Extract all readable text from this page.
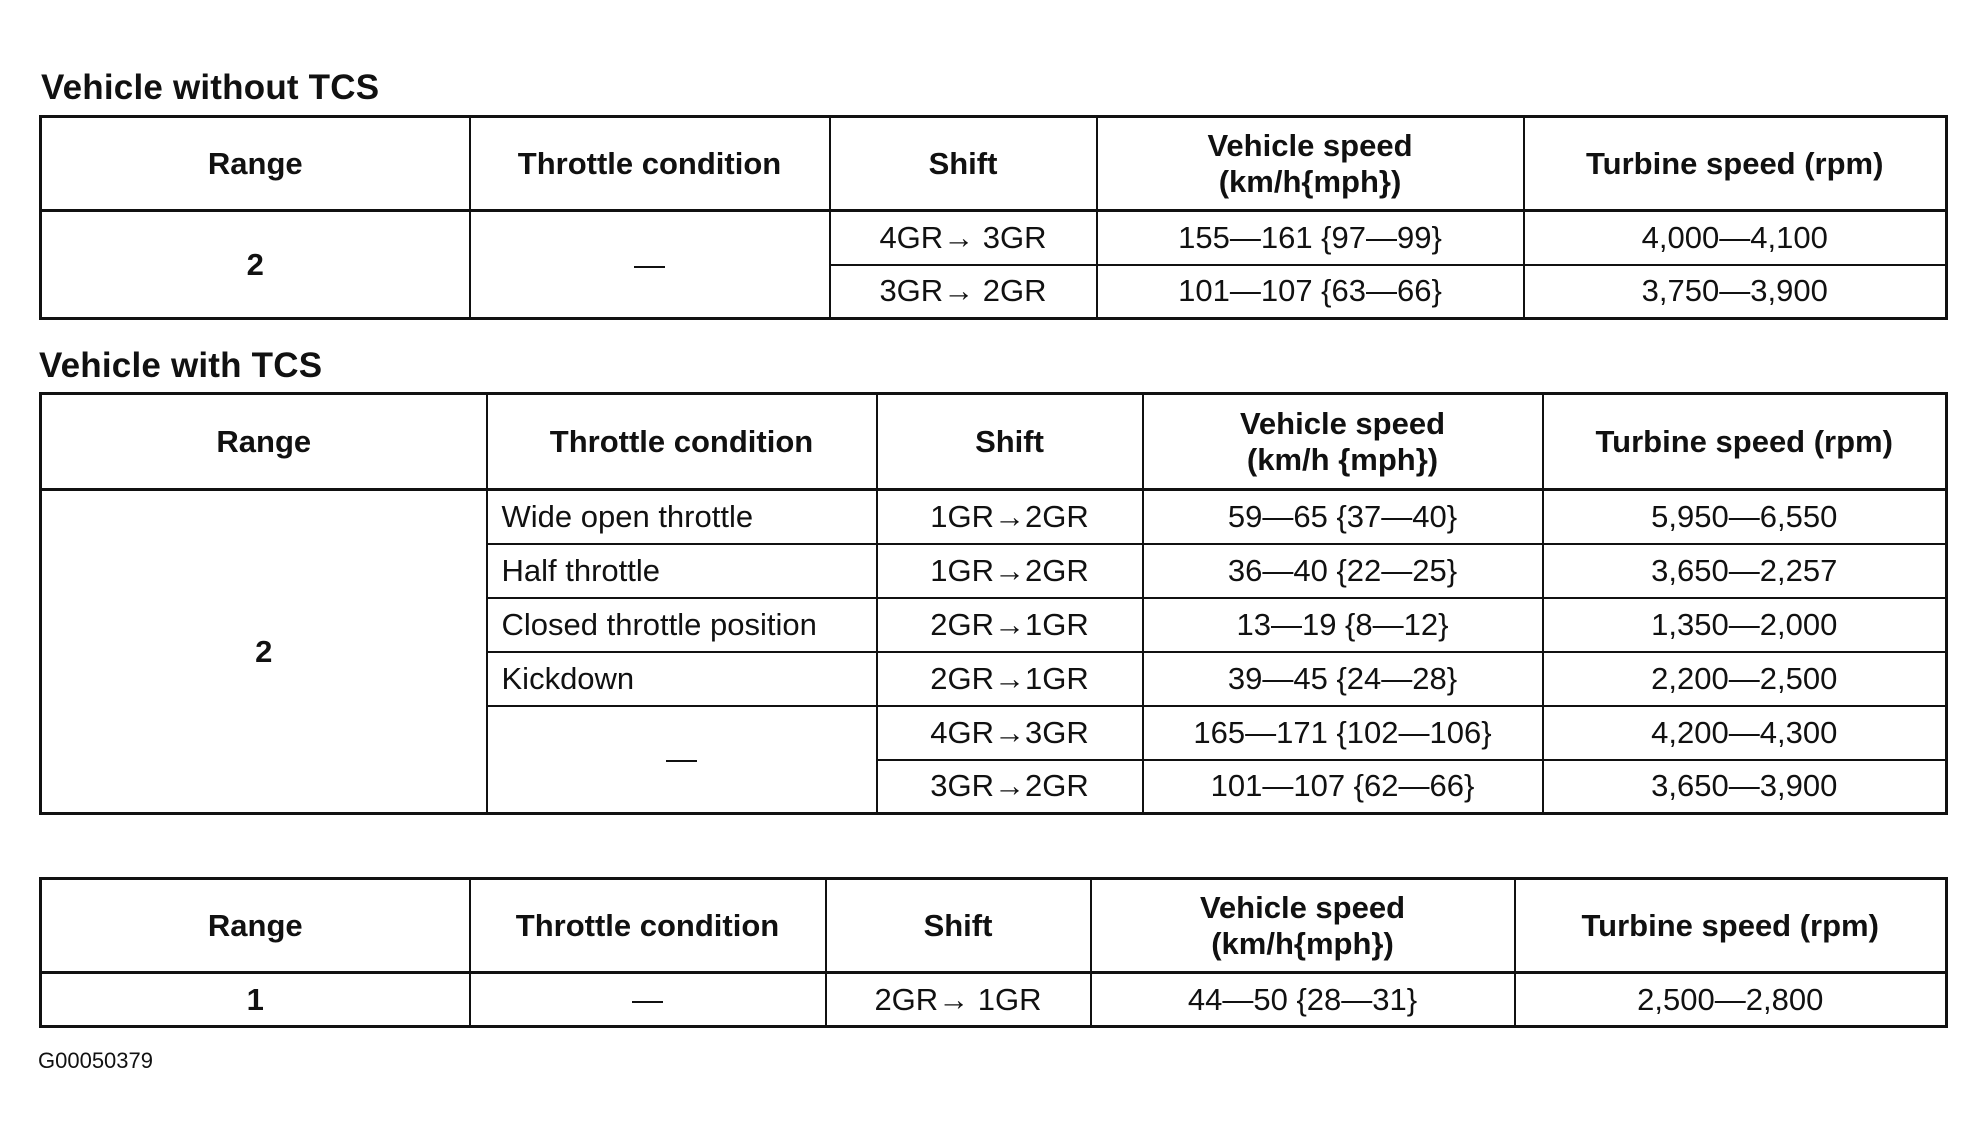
Vehicle without TCS
Range	Throttle condition	Shift	Vehicle speed
(km/h{mph})	Turbine speed (rpm)
2	—	4GR→ 3GR	155—161 {97—99}	4,000—4,100
		3GR→ 2GR	101—107 {63—66}	3,750—3,900
Vehicle with TCS
Range	Throttle condition	Shift	Vehicle speed
(km/h {mph})	Turbine speed (rpm)
2	Wide open throttle	1GR→2GR	59—65 {37—40}	5,950—6,550
	Half throttle	1GR→2GR	36—40 {22—25}	3,650—2,257
	Closed throttle position	2GR→1GR	13—19 {8—12}	1,350—2,000
	Kickdown	2GR→1GR	39—45 {24—28}	2,200—2,500
	—	4GR→3GR	165—171 {102—106}	4,200—4,300
		3GR→2GR	101—107 {62—66}	3,650—3,900
Range	Throttle condition	Shift	Vehicle speed
(km/h{mph})	Turbine speed (rpm)
1	—	2GR→ 1GR	44—50 {28—31}	2,500—2,800

G00050379
